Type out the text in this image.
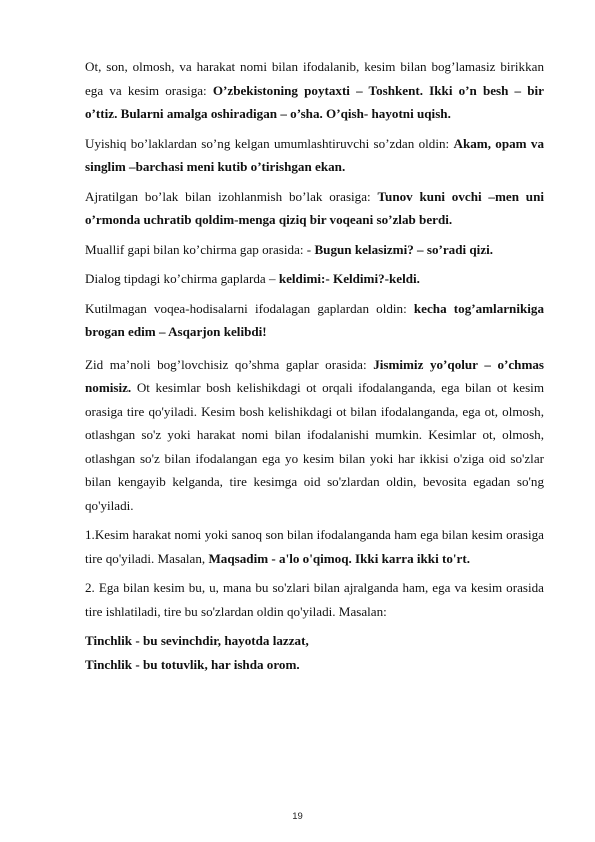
Ot, son, olmosh, va harakat nomi bilan ifodalanib, kesim bilan bog’lamasiz birikkan ega va kesim orasiga: O’zbekistoning poytaxti – Toshkent. Ikki o’n besh – bir o’ttiz. Bularni amalga oshiradigan – o’sha. O’qish- hayotni uqish.

Uyishiq bo’laklardan so’ng kelgan umumlashtiruvchi so’zdan oldin: Akam, opam va singlim –barchasi meni kutib o’tirishgan ekan.

Ajratilgan bo’lak bilan izohlanmish bo’lak orasiga: Tunov kuni ovchi –men uni o’rmonda uchratib qoldim-menga qiziq bir voqeani so’zlab berdi.

Muallif gapi bilan ko’chirma gap orasida: - Bugun kelasizmi? – so’radi qizi.

Dialog tipdagi ko’chirma gaplarda – keldimi:- Keldimi?-keldi.

Kutilmagan voqea-hodisalarni ifodalagan gaplardan oldin: kecha tog’amlarnikiga brogan edim – Asqarjon kelibdi!

Zid ma’noli bog’lovchisiz qo’shma gaplar orasida: Jismimiz yo’qolur – o’chmas nomisiz. Ot kesimlar bosh kelishikdagi ot orqali ifodalanganda, ega bilan ot kesim orasiga tire qo'yiladi. Kesim bosh kelishikdagi ot bilan ifodalanganda, ega ot, olmosh, otlashgan so'z yoki harakat nomi bilan ifodalanishi mumkin. Kesimlar ot, olmosh, otlashgan so'z bilan ifodalangan ega yo kesim bilan yoki har ikkisi o'ziga oid so'zlar bilan kengayib kelganda, tire kesimga oid so'zlardan oldin, bevosita egadan so'ng qo'yiladi.

1.Kesim harakat nomi yoki sanoq son bilan ifodalanganda ham ega bilan kesim orasiga tire qo'yiladi. Masalan, Maqsadim - a'lo o'qimoq. Ikki karra ikki to'rt.

2. Ega bilan kesim bu, u, mana bu so'zlari bilan ajralganda ham, ega va kesim orasida tire ishlatiladi, tire bu so'zlardan oldin qo'yiladi. Masalan:

Tinchlik - bu sevinchdir, hayotda lazzat,

Tinchlik - bu totuvlik, har ishda orom.

19
